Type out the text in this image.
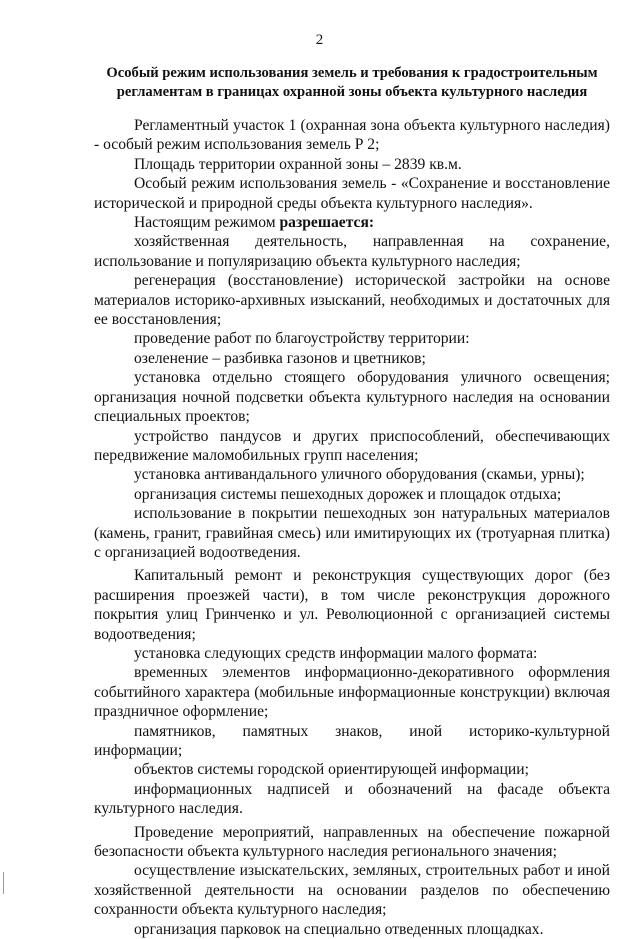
2
Особый режим использования земель и требования к градостроительным регламентам в границах охранной зоны объекта культурного наследия

Регламентный участок 1 (охранная зона объекта культурного наследия) - особый режим использования земель Р 2;

Площадь территории охранной зоны – 2839 кв.м.

Особый режим использования земель - «Сохранение и восстановление исторической и природной среды объекта культурного наследия».

Настоящим режимом разрешается:

хозяйственная деятельность, направленная на сохранение, использование и популяризацию объекта культурного наследия;

регенерация (восстановление) исторической застройки на основе материалов историко-архивных изысканий, необходимых и достаточных для ее восстановления;

проведение работ по благоустройству территории:

озеленение – разбивка газонов и цветников;

установка отдельно стоящего оборудования уличного освещения; организация ночной подсветки объекта культурного наследия на основании специальных проектов;

устройство пандусов и других приспособлений, обеспечивающих передвижение маломобильных групп населения;

установка антивандального уличного оборудования (скамьи, урны);

организация системы пешеходных дорожек и площадок отдыха;

использование в покрытии пешеходных зон натуральных материалов (камень, гранит, гравийная смесь) или имитирующих их (тротуарная плитка) с организацией водоотведения.

Капитальный ремонт и реконструкция существующих дорог (без расширения проезжей части), в том числе реконструкция дорожного покрытия улиц Гринченко и ул. Революционной с организацией системы водоотведения;

установка следующих средств информации малого формата:

временных элементов информационно-декоративного оформления событийного характера (мобильные информационные конструкции) включая праздничное оформление;

памятников, памятных знаков, иной историко-культурной информации;

объектов системы городской ориентирующей информации;

информационных надписей и обозначений на фасаде объекта культурного наследия.

Проведение мероприятий, направленных на обеспечение пожарной безопасности объекта культурного наследия регионального значения;

осуществление изыскательских, земляных, строительных работ и иной хозяйственной деятельности на основании разделов по обеспечению сохранности объекта культурного наследия;

организация парковок на специально отведенных площадках.
